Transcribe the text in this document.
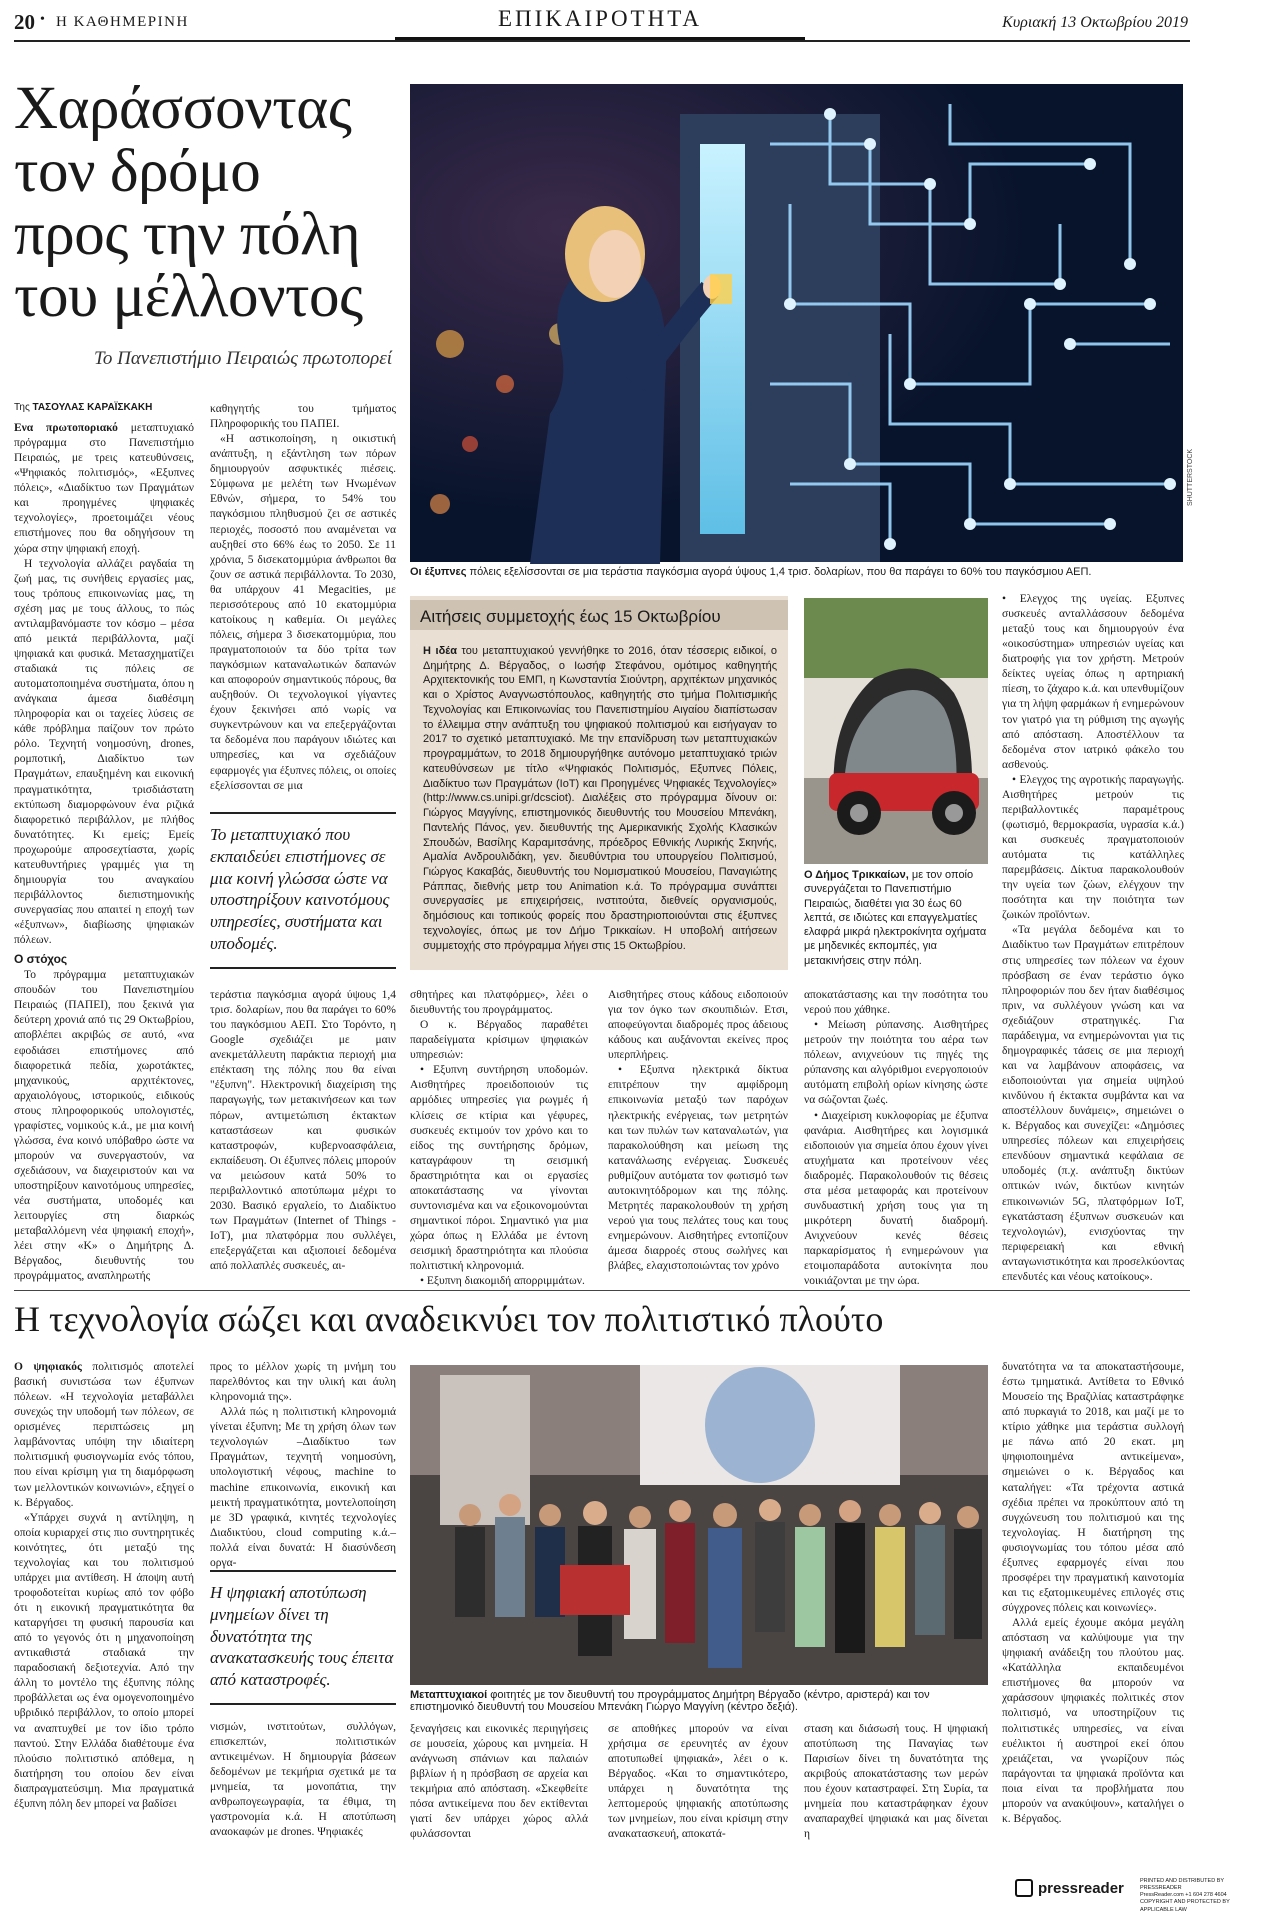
20 • Η ΚΑΘΗΜΕΡΙΝΗ	ΕΠΙΚΑΙΡΟΤΗΤΑ	Κυριακή 13 Οκτωβρίου 2019
Χαράσσοντας
τον δρόμο
προς την πόλη
του μέλλοντος
Το Πανεπιστήμιο Πειραιώς πρωτοπορεί

Της ΤΑΣΟΥΛΑΣ ΚΑΡΑΪΣΚΑΚΗ

Ενα πρωτοποριακό μεταπτυχιακό πρόγραμμα στο Πανεπιστήμιο Πειραιώς, με τρεις κατευθύνσεις, «Ψηφιακός πολιτισμός», «Εξυπνες πόλεις», «Διαδίκτυο των Πραγμάτων και προηγμένες ψηφιακές τεχνολογίες», προετοιμάζει νέους επιστήμονες που θα οδηγήσουν τη χώρα στην ψηφιακή εποχή.

Η τεχνολογία αλλάζει ραγδαία τη ζωή μας, τις συνήθεις εργασίες μας, τους τρόπους επικοινωνίας μας, τη σχέση μας με τους άλλους, το πώς αντιλαμβανόμαστε τον κόσμο – μέσα από μεικτά περιβάλλοντα, μαζί ψηφιακά και φυσικά. Μετασχηματίζει σταδιακά τις πόλεις σε αυτοματοποιημένα συστήματα, όπου η ανάγκαια άμεσα διαθέσιμη πληροφορία και οι ταχείες λύσεις σε κάθε πρόβλημα παίζουν τον πρώτο ρόλο. Τεχνητή νοημοσύνη, drones, ρομποτική, Διαδίκτυο των Πραγμάτων, επαυξημένη και εικονική πραγματικότητα, τρισδιάστατη εκτύπωση διαμορφώνουν ένα ριζικά διαφορετικό περιβάλλον, με πλήθος δυνατότητες. Κι εμείς; Εμείς προχωρούμε απροσεχτίαστα, χωρίς κατευθυντήριες γραμμές για τη δημιουργία του αναγκαίου περιβάλλοντος διεπιστημονικής συνεργασίας που απαιτεί η εποχή των «έξυπνων», διαβίωσης ψηφιακών πόλεων.

Ο στόχος

Το πρόγραμμα μεταπτυχιακών σπουδών του Πανεπιστημίου Πειραιώς (ΠΑΠΕΙ), που ξεκινά για δεύτερη χρονιά από τις 29 Οκτωβρίου, αποβλέπει ακριβώς σε αυτό, «να εφοδιάσει επιστήμονες από διαφορετικά πεδία, χωροτάκτες, μηχανικούς, αρχιτέκτονες, αρχαιολόγους, ιστορικούς, ειδικούς στους πληροφορικούς υπολογιστές, γραφίστες, νομικούς κ.ά., με μια κοινή γλώσσα, ένα κοινό υπόβαθρο ώστε να μπορούν να συνεργαστούν, να σχεδιάσουν, να διαχειριστούν και να υποστηρίξουν καινοτόμους υπηρεσίες, νέα συστήματα, υποδομές και λειτουργίες στη διαρκώς μεταβαλλόμενη νέα ψηφιακή εποχή», λέει στην «Κ» ο Δημήτρης Δ. Βέργαδος, διευθυντής του προγράμματος, αναπληρωτής

καθηγητής του τμήματος Πληροφορικής του ΠΑΠΕΙ.

«Η αστικοποίηση, η οικιστική ανάπτυξη, η εξάντληση των πόρων δημιουργούν ασφυκτικές πιέσεις. Σύμφωνα με μελέτη των Ηνωμένων Εθνών, σήμερα, το 54% του παγκόσμιου πληθυσμού ζει σε αστικές περιοχές, ποσοστό που αναμένεται να αυξηθεί στο 66% έως το 2050. Σε 11 χρόνια, 5 δισεκατομμύρια άνθρωποι θα ζουν σε αστικά περιβάλλοντα. Το 2030, θα υπάρχουν 41 Megacities, με περισσότερους από 10 εκατομμύρια κατοίκους η καθεμία. Οι μεγάλες πόλεις, σήμερα 3 δισεκατομμύρια, που πραγματοποιούν τα δύο τρίτα των παγκόσμιων καταναλωτικών δαπανών και αποφορούν σημαντικούς πόρους, θα αυξηθούν. Οι τεχνολογικοί γίγαντες έχουν ξεκινήσει από νωρίς να συγκεντρώνουν και να επεξεργάζονται τα δεδομένα που παράγουν ιδιώτες και υπηρεσίες, και να σχεδιάζουν εφαρμογές για έξυπνες πόλεις, οι οποίες εξελίσσονται σε μια

Το μεταπτυχιακό που εκπαιδεύει επιστήμονες σε μια κοινή γλώσσα ώστε να υποστηρίξουν καινοτόμους υπηρεσίες, συστήματα και υποδομές.

τεράστια παγκόσμια αγορά ύψους 1,4 τρισ. δολαρίων, που θα παράγει το 60% του παγκόσμιου ΑΕΠ. Στο Τορόντο, η Google σχεδιάζει με μαιν ανεκμετάλλευτη παράκτια περιοχή μια επέκταση της πόλης που θα είναι "έξυπνη". Ηλεκτρονική διαχείριση της παραγωγής, των μετακινήσεων και των πόρων, αντιμετώπιση έκτακτων καταστάσεων και φυσικών καταστροφών, κυβερνοασφάλεια, εκπαίδευση. Οι έξυπνες πόλεις μπορούν να μειώσουν κατά 50% το περιβαλλοντικό αποτύπωμα μέχρι το 2030. Βασικό εργαλείο, το Διαδίκτυο των Πραγμάτων (Internet of Things - IoT), μια πλατφόρμα που συλλέγει, επεξεργάζεται και αξιοποιεί δεδομένα από πολλαπλές συσκευές, αι-

SHUTTERSTOCK
Οι έξυπνες πόλεις εξελίσσονται σε μια τεράστια παγκόσμια αγορά ύψους 1,4 τρισ. δολαρίων, που θα παράγει το 60% του παγκόσμιου ΑΕΠ.
Αιτήσεις συμμετοχής έως 15 Οκτωβρίου
Η ιδέα του μεταπτυχιακού γεννήθηκε το 2016, όταν τέσσερις ειδικοί, ο Δημήτρης Δ. Βέργαδος, ο Ιωσήφ Στεφάνου, ομότιμος καθηγητής Αρχιτεκτονικής του ΕΜΠ, η Κωνσταντία Σιούντρη, αρχιτέκτων μηχανικός και ο Χρίστος Αναγνωστόπουλος, καθηγητής στο τμήμα Πολιτισμικής Τεχνολογίας και Επικοινωνίας του Πανεπιστημίου Αιγαίου διαπίστωσαν το έλλειμμα στην ανάπτυξη του ψηφιακού πολιτισμού και εισήγαγαν το 2017 το σχετικό μεταπτυχιακό. Με την επανίδρυση των μεταπτυχιακών προγραμμάτων, το 2018 δημιουργήθηκε αυτόνομο μεταπτυχιακό τριών κατευθύνσεων με τίτλο «Ψηφιακός Πολιτισμός, Εξυπνες Πόλεις, Διαδίκτυο των Πραγμάτων (IoT) και Προηγμένες Ψηφιακές Τεχνολογίες» (http://www.cs.unipi.gr/dcsciot). Διαλέξεις στο πρόγραμμα δίνουν οι: Γιώργος Μαγγίνης, επιστημονικός διευθυντής του Μουσείου Μπενάκη, Παντελής Πάνος, γεν. διευθυντής της Αμερικανικής Σχολής Κλασικών Σπουδών, Βασίλης Καραμιτσάνης, πρόεδρος Εθνικής Λυρικής Σκηνής, Αμαλία Ανδρουλιδάκη, γεν. διευθύντρια του υπουργείου Πολιτισμού, Γιώργος Κακαβάς, διευθυντής του Νομισματικού Μουσείου, Παναγιώτης Ράππας, διεθνής μετρ του Animation κ.ά. Το πρόγραμμα συνάπτει συνεργασίες με επιχειρήσεις, ινστιτούτα, διεθνείς οργανισμούς, δημόσιους και τοπικούς φορείς που δραστηριοποιούνται στις έξυπνες τεχνολογίες, όπως με τον Δήμο Τρικκαίων. Η υποβολή αιτήσεων συμμετοχής στο πρόγραμμα λήγει στις 15 Οκτωβρίου.
Ο Δήμος Τρικκαίων, με τον οποίο συνεργάζεται το Πανεπιστήμιο Πειραιώς, διαθέτει για 30 έως 60 λεπτά, σε ιδιώτες και επαγγελματίες ελαφρά μικρά ηλεκτροκίνητα οχήματα με μηδενικές εκπομπές, για μετακινήσεις στην πόλη.

σθητήρες και πλατφόρμες», λέει ο διευθυντής του προγράμματος.

Ο κ. Βέργαδος παραθέτει παραδείγματα κρίσιμων ψηφιακών υπηρεσιών:

• Εξυπνη συντήρηση υποδομών. Αισθητήρες προειδοποιούν τις αρμόδιες υπηρεσίες για ρωγμές ή κλίσεις σε κτίρια και γέφυρες, συσκευές εκτιμούν τον χρόνο και το είδος της συντήρησης δρόμων, καταγράφουν τη σεισμική δραστηριότητα και οι εργασίες αποκατάστασης να γίνονται συντονισμένα και να εξοικονομούνται σημαντικοί πόροι. Σημαντικό για μια χώρα όπως η Ελλάδα με έντονη σεισμική δραστηριότητα και πλούσια πολιτιστική κληρονομιά.

• Εξυπνη διακομιδή απορριμμάτων.

Αισθητήρες στους κάδους ειδοποιούν για τον όγκο των σκουπιδιών. Ετσι, αποφεύγονται διαδρομές προς άδειους κάδους και αυξάνονται εκείνες προς υπερπλήρεις.

• Εξυπνα ηλεκτρικά δίκτυα επιτρέπουν την αμφίδρομη επικοινωνία μεταξύ των παρόχων ηλεκτρικής ενέργειας, των μετρητών και των πυλών των καταναλωτών, για παρακολούθηση και μείωση της κατανάλωσης ενέργειας. Συσκευές ρυθμίζουν αυτόματα τον φωτισμό των αυτοκινητόδρομων και της πόλης. Μετρητές παρακολουθούν τη χρήση νερού για τους πελάτες τους και τους ενημερώνουν. Αισθητήρες εντοπίζουν άμεσα διαρροές στους σωλήνες και βλάβες, ελαχιστοποιώντας τον χρόνο

αποκατάστασης και την ποσότητα του νερού που χάθηκε.

• Μείωση ρύπανσης. Αισθητήρες μετρούν την ποιότητα του αέρα των πόλεων, ανιχνεύουν τις πηγές της ρύπανσης και αλγόριθμοι ενεργοποιούν αυτόματη επιβολή ορίων κίνησης ώστε να σώζονται ζωές.

• Διαχείριση κυκλοφορίας με έξυπνα φανάρια. Αισθητήρες και λογισμικά ειδοποιούν για σημεία όπου έχουν γίνει ατυχήματα και προτείνουν νέες διαδρομές. Παρακολουθούν τις θέσεις στα μέσα μεταφοράς και προτείνουν συνδυαστική χρήση τους για τη μικρότερη δυνατή διαδρομή. Ανιχνεύουν κενές θέσεις παρκαρίσματος ή ενημερώνουν για ετοιμοπαράδοτα αυτοκίνητα που νοικιάζονται με την ώρα.

• Ελεγχος της υγείας. Εξυπνες συσκευές ανταλλάσσουν δεδομένα μεταξύ τους και δημιουργούν ένα «οικοσύστημα» υπηρεσιών υγείας και διατροφής για τον χρήστη. Μετρούν δείκτες υγείας όπως η αρτηριακή πίεση, το ζάχαρο κ.ά. και υπενθυμίζουν για τη λήψη φαρμάκων ή ενημερώνουν τον γιατρό για τη ρύθμιση της αγωγής από απόσταση. Αποστέλλουν τα δεδομένα στον ιατρικό φάκελο του ασθενούς.

• Ελεγχος της αγροτικής παραγωγής. Αισθητήρες μετρούν τις περιβαλλοντικές παραμέτρους (φωτισμό, θερμοκρασία, υγρασία κ.ά.) και συσκευές πραγματοποιούν αυτόματα τις κατάλληλες παρεμβάσεις. Δίκτυα παρακολουθούν την υγεία των ζώων, ελέγχουν την ποσότητα και την ποιότητα των ζωικών προϊόντων.

«Τα μεγάλα δεδομένα και το Διαδίκτυο των Πραγμάτων επιτρέπουν στις υπηρεσίες των πόλεων να έχουν πρόσβαση σε έναν τεράστιο όγκο πληροφοριών που δεν ήταν διαθέσιμος πριν, να συλλέγουν γνώση και να σχεδιάζουν στρατηγικές. Για παράδειγμα, να ενημερώνονται για τις δημογραφικές τάσεις σε μια περιοχή και να λαμβάνουν αποφάσεις, να ειδοποιούνται για σημεία υψηλού κινδύνου ή έκτακτα συμβάντα και να αποστέλλουν δυνάμεις», σημειώνει ο κ. Βέργαδος και συνεχίζει: «Δημόσιες υπηρεσίες πόλεων και επιχειρήσεις επενδύουν σημαντικά κεφάλαια σε υποδομές (π.χ. ανάπτυξη δικτύων οπτικών ινών, δικτύων κινητών επικοινωνιών 5G, πλατφόρμων IoT, εγκατάσταση έξυπνων συσκευών και τεχνολογιών), ενισχύοντας την περιφερειακή και εθνική ανταγωνιστικότητα και προσελκύοντας επενδυτές και νέους κατοίκους».

Η τεχνολογία σώζει και αναδεικνύει τον πολιτιστικό πλούτο

Ο ψηφιακός πολιτισμός αποτελεί βασική συνιστώσα των έξυπνων πόλεων. «Η τεχνολογία μεταβάλλει συνεχώς την υποδομή των πόλεων, σε ορισμένες περιπτώσεις μη λαμβάνοντας υπόψη την ιδιαίτερη πολιτισμική φυσιογνωμία ενός τόπου, που είναι κρίσιμη για τη διαμόρφωση των μελλοντικών κοινωνιών», εξηγεί ο κ. Βέργαδος.

«Υπάρχει συχνά η αντίληψη, η οποία κυριαρχεί στις πιο συντηρητικές κοινότητες, ότι μεταξύ της τεχνολογίας και του πολιτισμού υπάρχει μια αντίθεση. Η άποψη αυτή τροφοδοτείται κυρίως από τον φόβο ότι η εικονική πραγματικότητα θα καταργήσει τη φυσική παρουσία και από το γεγονός ότι η μηχανοποίηση αντικαθιστά σταδιακά την παραδοσιακή δεξιοτεχνία. Από την άλλη το μοντέλο της έξυπνης πόλης προβάλλεται ως ένα ομογενοποιημένο υβριδικό περιβάλλον, το οποίο μπορεί να αναπτυχθεί με τον ίδιο τρόπο παντού. Στην Ελλάδα διαθέτουμε ένα πλούσιο πολιτιστικό απόθεμα, η διατήρηση του οποίου δεν είναι διαπραγματεύσιμη. Μια πραγματικά έξυπνη πόλη δεν μπορεί να βαδίσει

προς το μέλλον χωρίς τη μνήμη του παρελθόντος και την υλική και άυλη κληρονομιά της».

Αλλά πώς η πολιτιστική κληρονομιά γίνεται έξυπνη; Με τη χρήση όλων των τεχνολογιών –Διαδίκτυο των Πραγμάτων, τεχνητή νοημοσύνη, υπολογιστική νέφους, machine to machine επικοινωνία, εικονική και μεικτή πραγματικότητα, μοντελοποίηση με 3D γραφικά, κινητές τεχνολογίες Διαδικτύου, cloud computing κ.ά.– πολλά είναι δυνατά: Η διασύνδεση οργα-

Η ψηφιακή αποτύπωση μνημείων δίνει τη δυνατότητα της ανακατασκευής τους έπειτα από καταστροφές.

νισμών, ινστιτούτων, συλλόγων, επισκεπτών, πολιτιστικών αντικειμένων. Η δημιουργία βάσεων δεδομένων με τεκμήρια σχετικά με τα μνημεία, τα μονοπάτια, την ανθρωπογεωγραφία, τα έθιμα, τη γαστρονομία κ.ά. Η αποτύπωση αναοκαφών με drones. Ψηφιακές

Μεταπτυχιακοί φοιτητές με τον διευθυντή του προγράμματος Δημήτρη Βέργαδο (κέντρο, αριστερά) και τον επιστημονικό διευθυντή του Μουσείου Μπενάκη Γιώργο Μαγγίνη (κέντρο δεξιά).

ξεναγήσεις και εικονικές περιηγήσεις σε μουσεία, χώρους και μνημεία. Η ανάγνωση σπάνιων και παλαιών βιβλίων ή η πρόσβαση σε αρχεία και τεκμήρια από απόσταση. «Σκεφθείτε πόσα αντικείμενα που δεν εκτίθενται γιατί δεν υπάρχει χώρος αλλά φυλάσσονται

σε αποθήκες μπορούν να είναι χρήσιμα σε ερευνητές αν έχουν αποτυπωθεί ψηφιακά», λέει ο κ. Βέργαδος. «Και το σημαντικότερο, υπάρχει η δυνατότητα της λεπτομερούς ψηφιακής αποτύπωσης των μνημείων, που είναι κρίσιμη στην ανακατασκευή, αποκατά-

σταση και διάσωσή τους. Η ψηφιακή αποτύπωση της Παναγίας των Παρισίων δίνει τη δυνατότητα της ακριβούς αποκατάστασης των μερών που έχουν καταστραφεί. Στη Συρία, τα μνημεία που καταστράφηκαν έχουν αναπαραχθεί ψηφιακά και μας δίνεται η

δυνατότητα να τα αποκαταστήσουμε, έστω τμηματικά. Αντίθετα το Εθνικό Μουσείο της Βραζιλίας καταστράφηκε από πυρκαγιά το 2018, και μαζί με το κτίριο χάθηκε μια τεράστια συλλογή με πάνω από 20 εκατ. μη ψηφιοποιημένα αντικείμενα», σημειώνει ο κ. Βέργαδος και καταλήγει: «Τα τρέχοντα αστικά σχέδια πρέπει να προκύπτουν από τη συγχώνευση του πολιτισμού και της τεχνολογίας. Η διατήρηση της φυσιογνωμίας του τόπου μέσα από έξυπνες εφαρμογές είναι που προσφέρει την πραγματική καινοτομία και τις εξατομικευμένες επιλογές στις σύγχρονες πόλεις και κοινωνίες».

Αλλά εμείς έχουμε ακόμα μεγάλη απόσταση να καλύψουμε για την ψηφιακή ανάδειξη του πλούτου μας. «Κατάλληλα εκπαιδευμένοι επιστήμονες θα μπορούν να χαράσσουν ψηφιακές πολιτικές στον πολιτισμό, να υποστηρίζουν τις πολιτιστικές υπηρεσίες, να είναι ευέλικτοι ή αυστηροί εκεί όπου χρειάζεται, να γνωρίζουν πώς παράγονται τα ψηφιακά προϊόντα και ποια είναι τα προβλήματα που μπορούν να ανακύψουν», καταλήγει ο κ. Βέργαδος.

pressreader	PRINTED AND DISTRIBUTED BY PRESSREADER
PressReader.com +1 604 278 4604
COPYRIGHT AND PROTECTED BY APPLICABLE LAW
